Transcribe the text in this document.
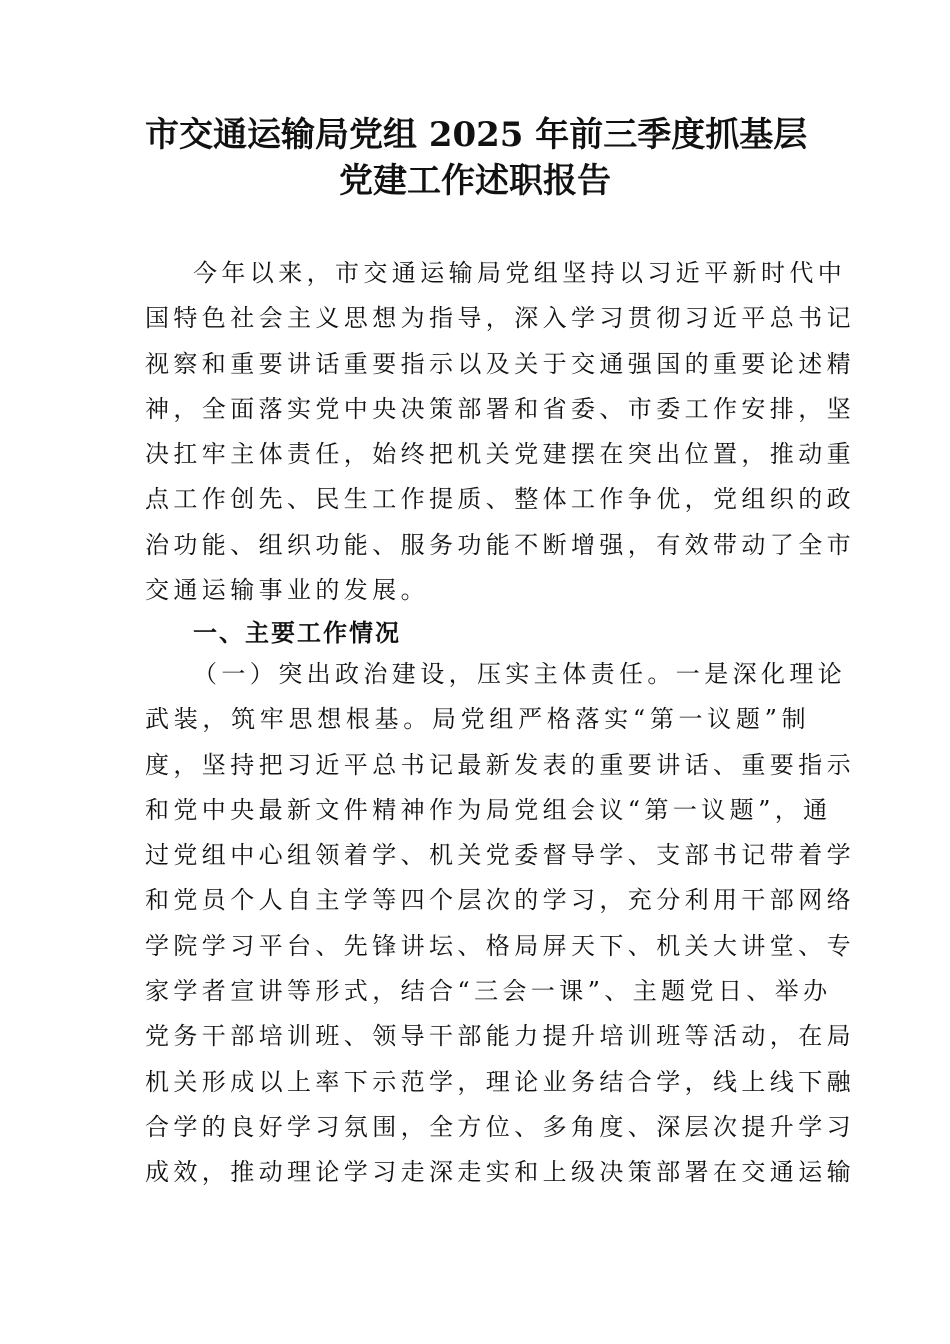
市交通运输局党组 2025 年前三季度抓基层
党建工作述职报告
今年以来，市交通运输局党组坚持以习近平新时代中
国特色社会主义思想为指导，深入学习贯彻习近平总书记
视察和重要讲话重要指示以及关于交通强国的重要论述精
神，全面落实党中央决策部署和省委、市委工作安排，坚
决扛牢主体责任，始终把机关党建摆在突出位置，推动重
点工作创先、民生工作提质、整体工作争优，党组织的政
治功能、组织功能、服务功能不断增强，有效带动了全市
交通运输事业的发展。
一、主要工作情况
（一）突出政治建设，压实主体责任。一是深化理论
武装，筑牢思想根基。局党组严格落实“第一议题”制
度，坚持把习近平总书记最新发表的重要讲话、重要指示
和党中央最新文件精神作为局党组会议“第一议题”，通
过党组中心组领着学、机关党委督导学、支部书记带着学
和党员个人自主学等四个层次的学习，充分利用干部网络
学院学习平台、先锋讲坛、格局屏天下、机关大讲堂、专
家学者宣讲等形式，结合“三会一课”、主题党日、举办
党务干部培训班、领导干部能力提升培训班等活动，在局
机关形成以上率下示范学，理论业务结合学，线上线下融
合学的良好学习氛围，全方位、多角度、深层次提升学习
成效，推动理论学习走深走实和上级决策部署在交通运输
